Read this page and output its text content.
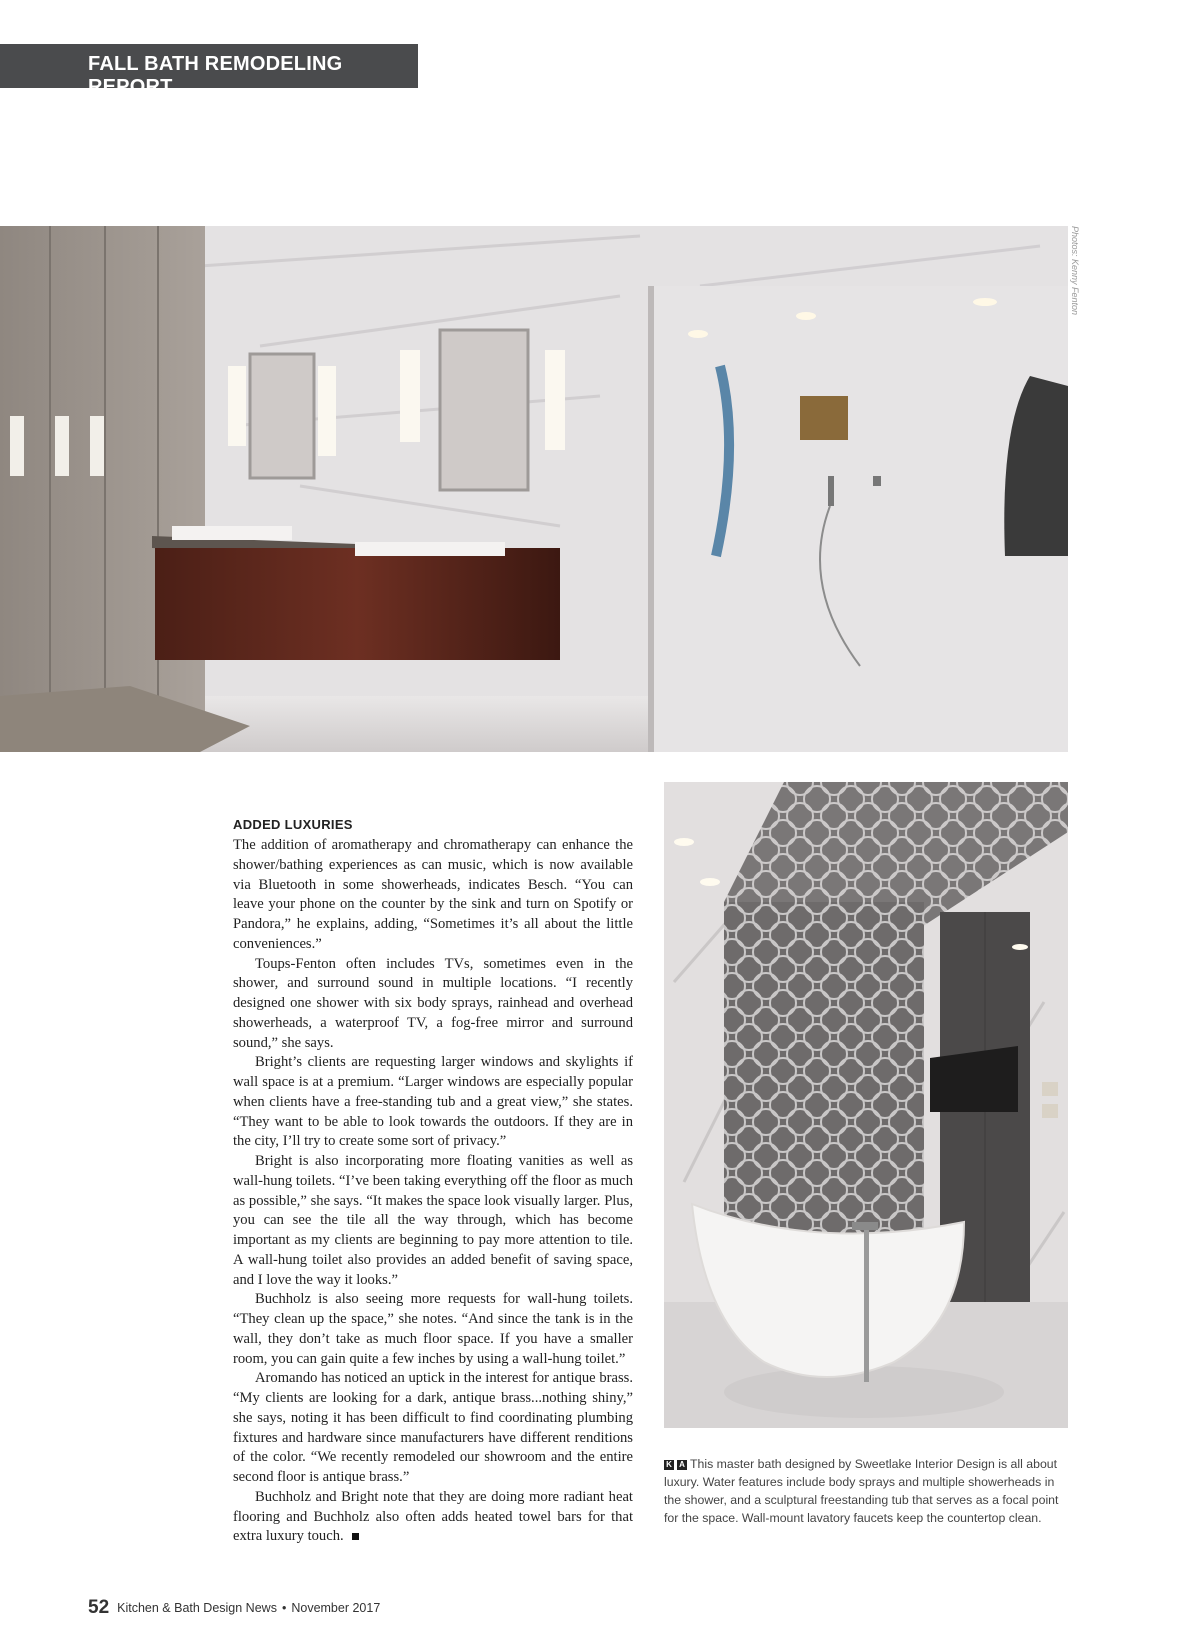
FALL BATH REMODELING REPORT
Photos: Kenny Fenton
ADDED LUXURIES

The addition of aromatherapy and chromatherapy can enhance the shower/bathing experiences as can music, which is now available via Bluetooth in some showerheads, indicates Besch. “You can leave your phone on the counter by the sink and turn on Spotify or Pandora,” he explains, adding, “Sometimes it’s all about the little conveniences.”

Toups-Fenton often includes TVs, sometimes even in the shower, and surround sound in multiple locations. “I recently designed one shower with six body sprays, rainhead and overhead showerheads, a waterproof TV, a fog-free mirror and surround sound,” she says.

Bright’s clients are requesting larger windows and skylights if wall space is at a premium. “Larger windows are especially popular when clients have a free-standing tub and a great view,” she states. “They want to be able to look towards the outdoors. If they are in the city, I’ll try to create some sort of privacy.”

Bright is also incorporating more floating vanities as well as wall-hung toilets. “I’ve been taking everything off the floor as much as possible,” she says. “It makes the space look visually larger. Plus, you can see the tile all the way through, which has become important as my clients are beginning to pay more attention to tile. A wall-hung toilet also provides an added benefit of saving space, and I love the way it looks.”

Buchholz is also seeing more requests for wall-hung toilets. “They clean up the space,” she notes. “And since the tank is in the wall, they don’t take as much floor space. If you have a smaller room, you can gain quite a few inches by using a wall-hung toilet.”

Aromando has noticed an uptick in the interest for antique brass. “My clients are looking for a dark, antique brass...nothing shiny,” she says, noting it has been difficult to find coordinating plumbing fixtures and hardware since manufacturers have different renditions of the color. “We recently remodeled our showroom and the entire second floor is antique brass.”

Buchholz and Bright note that they are doing more radiant heat flooring and Buchholz also often adds heated towel bars for that extra luxury touch.

K A This master bath designed by Sweetlake Interior Design is all about luxury. Water features include body sprays and multiple showerheads in the shower, and a sculptural freestanding tub that serves as a focal point for the space. Wall-mount lavatory faucets keep the countertop clean.
52 Kitchen & Bath Design News • November 2017
